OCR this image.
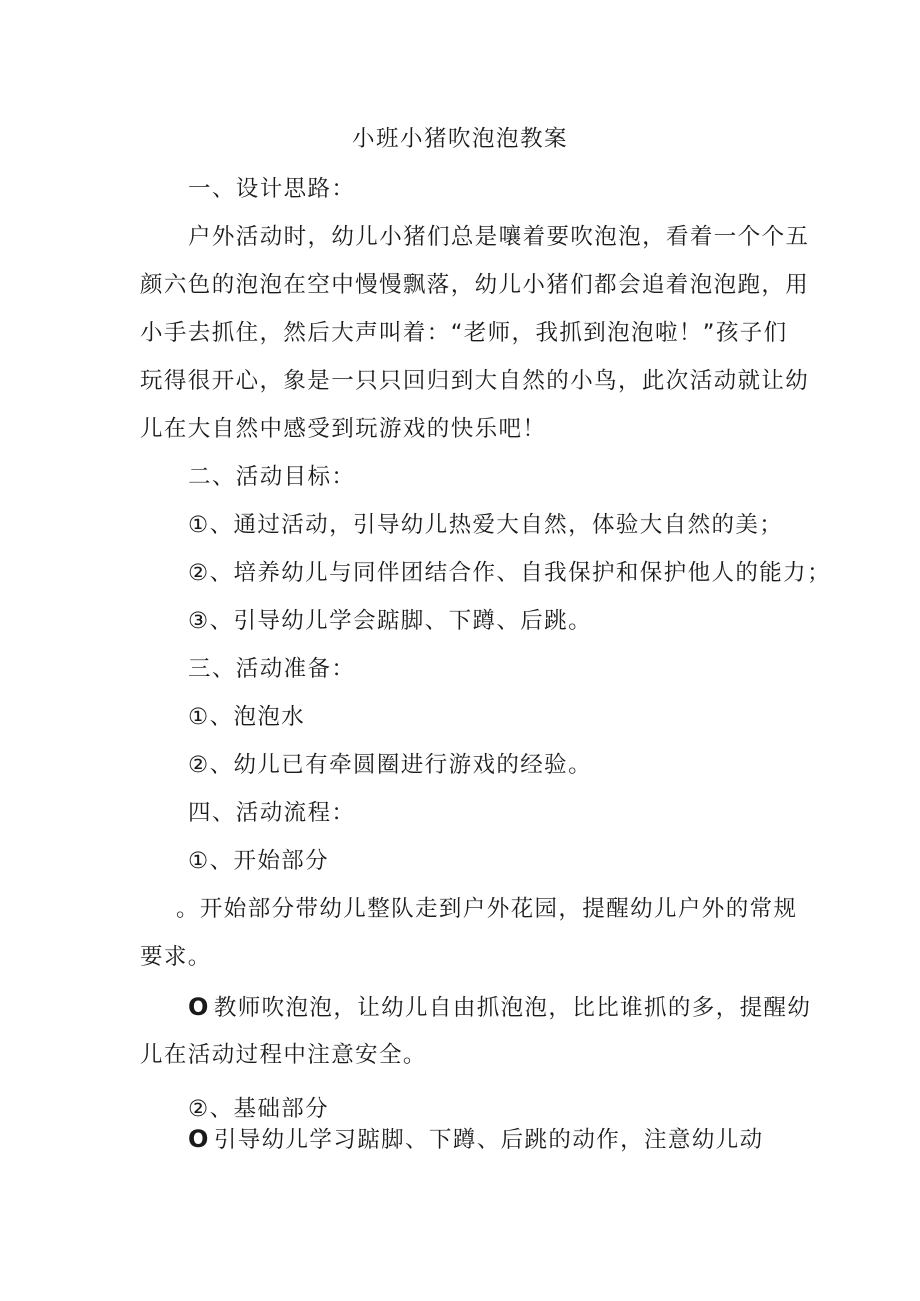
小班小猪吹泡泡教案
一、设计思路：
户外活动时，幼儿小猪们总是嚷着要吹泡泡，看着一个个五
颜六色的泡泡在空中慢慢飘落，幼儿小猪们都会追着泡泡跑，用
小手去抓住，然后大声叫着：“老师，我抓到泡泡啦！”孩子们
玩得很开心，象是一只只回归到大自然的小鸟，此次活动就让幼
儿在大自然中感受到玩游戏的快乐吧！
二、活动目标：
①、通过活动，引导幼儿热爱大自然，体验大自然的美；
②、培养幼儿与同伴团结合作、自我保护和保护他人的能力；
③、引导幼儿学会踮脚、下蹲、后跳。
三、活动准备：
①、泡泡水
②、幼儿已有牵圆圈进行游戏的经验。
四、活动流程：
①、开始部分
。开始部分带幼儿整队走到户外花园，提醒幼儿户外的常规
要求。
O 教师吹泡泡，让幼儿自由抓泡泡，比比谁抓的多，提醒幼
儿在活动过程中注意安全。
②、基础部分
O 引导幼儿学习踮脚、下蹲、后跳的动作，注意幼儿动
